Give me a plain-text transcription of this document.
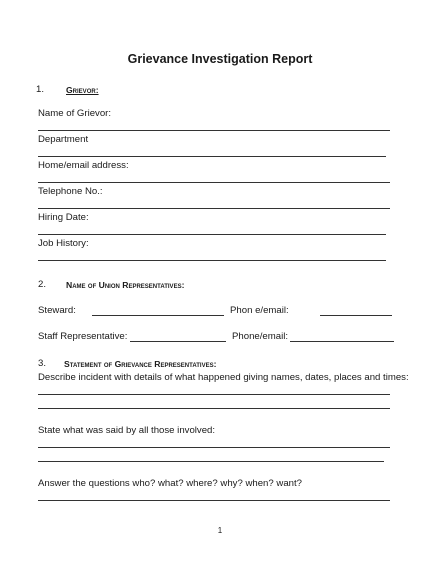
Grievance Investigation Report
1.	Grievor:
Name of Grievor:
Department
Home/email address:
Telephone No.:
Hiring Date:
Job History:
2. Name of Union Representatives:
Steward:	Phon e/email:
Staff Representative:	Phone/email:
3. Statement of Grievance Representatives:
Describe incident with details of what happened giving names, dates, places and times:
State what was said by all those involved:
Answer the questions who? what? where? why? when? want?
1
